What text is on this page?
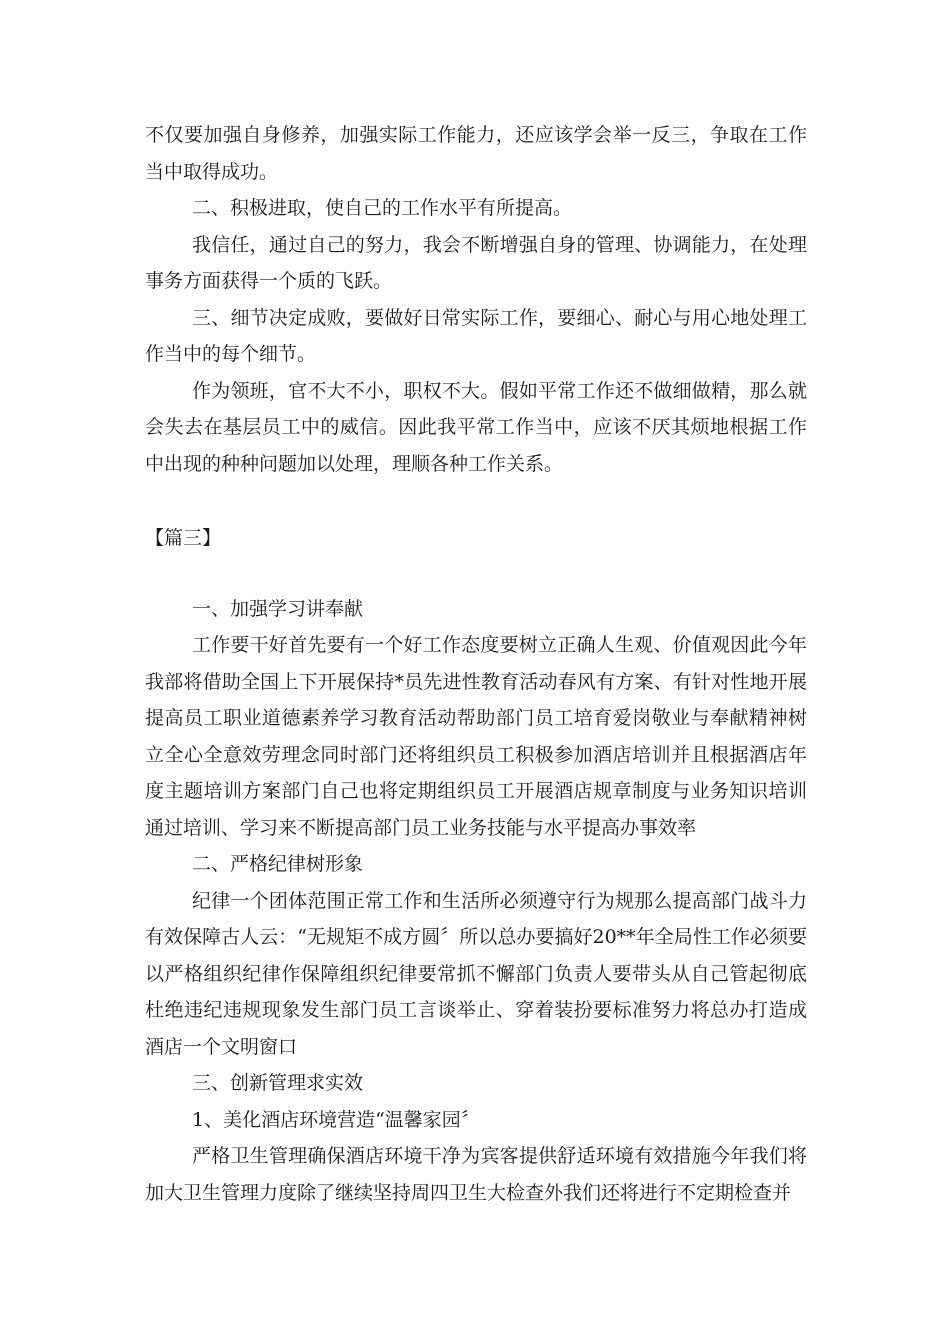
不仅要加强自身修养，加强实际工作能力，还应该学会举一反三，争取在工作当中取得成功。

二、积极进取，使自己的工作水平有所提高。

我信任，通过自己的努力，我会不断增强自身的管理、协调能力，在处理事务方面获得一个质的飞跃。

三、细节决定成败，要做好日常实际工作，要细心、耐心与用心地处理工作当中的每个细节。

作为领班，官不大不小，职权不大。假如平常工作还不做细做精，那么就会失去在基层员工中的威信。因此我平常工作当中，应该不厌其烦地根据工作中出现的种种问题加以处理，理顺各种工作关系。

【篇三】

一、加强学习讲奉献

工作要干好首先要有一个好工作态度要树立正确人生观、价值观因此今年我部将借助全国上下开展保持*员先进性教育活动春风有方案、有针对性地开展提高员工职业道德素养学习教育活动帮助部门员工培育爱岗敬业与奉献精神树立全心全意效劳理念同时部门还将组织员工积极参加酒店培训并且根据酒店年度主题培训方案部门自己也将定期组织员工开展酒店规章制度与业务知识培训通过培训、学习来不断提高部门员工业务技能与水平提高办事效率

二、严格纪律树形象

纪律一个团体范围正常工作和生活所必须遵守行为规那么提高部门战斗力有效保障古人云：“无规矩不成方圆〞所以总办要搞好20**年全局性工作必须要以严格组织纪律作保障组织纪律要常抓不懈部门负责人要带头从自己管起彻底杜绝违纪违规现象发生部门员工言谈举止、穿着装扮要标准努力将总办打造成酒店一个文明窗口

三、创新管理求实效

1、美化酒店环境营造“温馨家园〞

严格卫生管理确保酒店环境干净为宾客提供舒适环境有效措施今年我们将加大卫生管理力度除了继续坚持周四卫生大检查外我们还将进行不定期检查并
